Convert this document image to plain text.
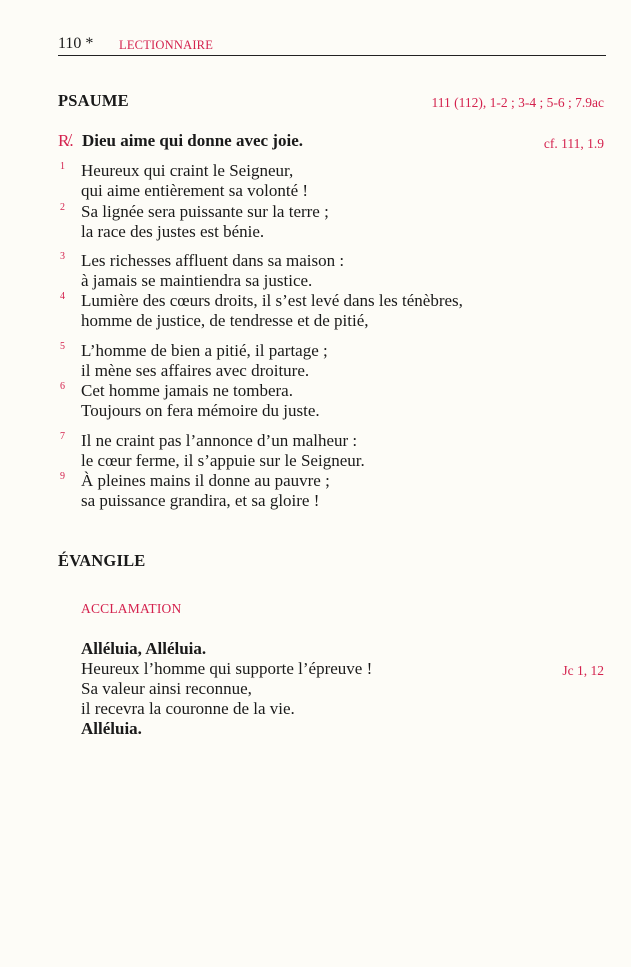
110 * LECTIONNAIRE
PSAUME	111 (112), 1-2 ; 3-4 ; 5-6 ; 7.9ac
R̸. Dieu aime qui donne avec joie.	cf. 111, 1.9
1 Heureux qui craint le Seigneur,
qui aime entièrement sa volonté !
2 Sa lignée sera puissante sur la terre ;
la race des justes est bénie.
3 Les richesses affluent dans sa maison :
à jamais se maintiendra sa justice.
4 Lumière des cœurs droits, il s’est levé dans les ténèbres,
homme de justice, de tendresse et de pitié,
5 L’homme de bien a pitié, il partage ;
il mène ses affaires avec droiture.
6 Cet homme jamais ne tombera.
Toujours on fera mémoire du juste.
7 Il ne craint pas l’annonce d’un malheur :
le cœur ferme, il s’appuie sur le Seigneur.
9 À pleines mains il donne au pauvre ;
sa puissance grandira, et sa gloire !
ÉVANGILE
ACCLAMATION
Alléluia, Alléluia.
Heureux l’homme qui supporte l’épreuve !	Jc 1, 12
Sa valeur ainsi reconnue,
il recevra la couronne de la vie.
Alléluia.
